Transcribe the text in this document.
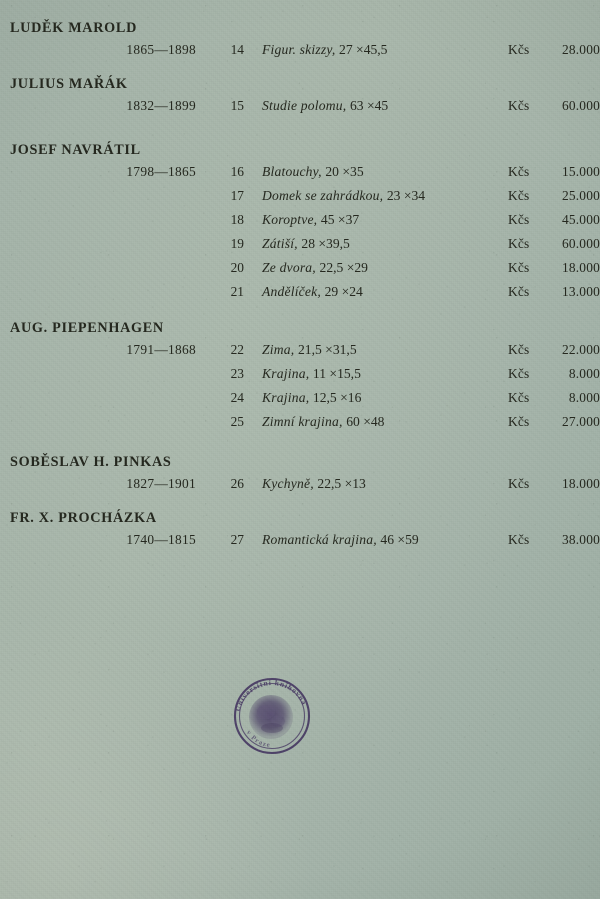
LUDĚK MAROLD
1865—1898	14	Figur. skizzy, 27 ×45,5	Kčs 28.000
JULIUS MAŘÁK
1832—1899	15	Studie polomu, 63 ×45	Kčs 60.000
JOSEF NAVRÁTIL
1798—1865	16	Blatouchy, 20 ×35	Kčs 15.000
17	Domek se zahrádkou, 23 ×34	Kčs 25.000
18	Koroptve, 45 ×37	Kčs 45.000
19	Zátiší, 28 ×39,5	Kčs 60.000
20	Ze dvora, 22,5 ×29	Kčs 18.000
21	Andělíček, 29 ×24	Kčs 13.000
AUG. PIEPENHAGEN
1791—1868	22	Zima, 21,5 ×31,5	Kčs 22.000
23	Krajina, 11 ×15,5	Kčs	8.000
24	Krajina, 12,5 ×16	Kčs	8.000
25	Zimní krajina, 60 ×48	Kčs 27.000
SOBĚSLAV H. PINKAS
1827—1901	26	Kychyně, 22,5 ×13	Kčs 18.000
FR. X. PROCHÁZKA
1740—1815	27	Romantická krajina, 46 ×59	Kčs 38.000
Universitní knihovna
v Praze
